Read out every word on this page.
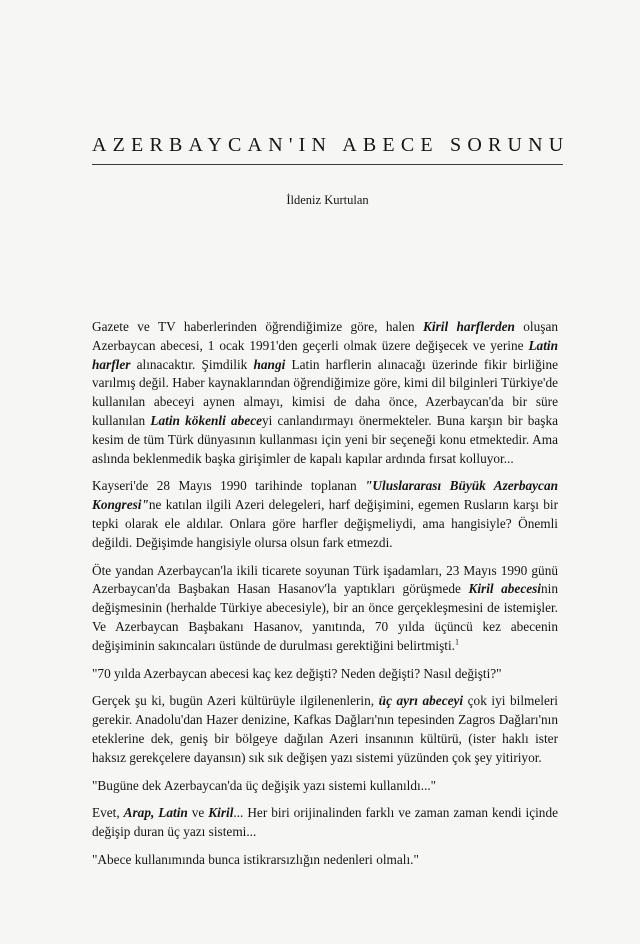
AZERBAYCAN'IN ABECE SORUNU
İldeniz Kurtulan

Gazete ve TV haberlerinden öğrendiğimize göre, halen Kiril harflerden oluşan Azerbaycan abecesi, 1 ocak 1991'den geçerli olmak üzere değişecek ve yerine Latin harfler alınacaktır. Şimdilik hangi Latin harflerin alınacağı üzerinde fikir birliğine varılmış değil. Haber kaynaklarından öğrendiğimize göre, kimi dil bilginleri Türkiye'de kullanılan abeceyi aynen almayı, kimisi de daha önce, Azerbaycan'da bir süre kullanılan Latin kökenli abeceyi canlandırmayı önermekteler. Buna karşın bir başka kesim de tüm Türk dünyasının kullanması için yeni bir seçeneği konu etmektedir. Ama aslında beklenmedik başka girişimler de kapalı kapılar ardında fırsat kolluyor...

Kayseri'de 28 Mayıs 1990 tarihinde toplanan "Uluslararası Büyük Azerbaycan Kongresi"ne katılan ilgili Azeri delegeleri, harf değişimini, egemen Rusların karşı bir tepki olarak ele aldılar. Onlara göre harfler değişmeliydi, ama hangisiyle? Önemli değildi. Değişimde hangisiyle olursa olsun fark etmezdi.

Öte yandan Azerbaycan'la ikili ticarete soyunan Türk işadamları, 23 Mayıs 1990 günü Azerbaycan'da Başbakan Hasan Hasanov'la yaptıkları görüşmede Kiril abecesinin değişmesinin (herhalde Türkiye abecesiyle), bir an önce gerçekleşmesini de istemişler. Ve Azerbaycan Başbakanı Hasanov, yanıtında, 70 yılda üçüncü kez abecenin değişiminin sakıncaları üstünde de durulması gerektiğini belirtmişti.$^1$

"70 yılda Azerbaycan abecesi kaç kez değişti? Neden değişti? Nasıl değişti?"

Gerçek şu ki, bugün Azeri kültürüyle ilgilenenlerin, üç ayrı abeceyi çok iyi bilmeleri gerekir. Anadolu'dan Hazer denizine, Kafkas Dağları'nın tepesinden Zagros Dağları'nın eteklerine dek, geniş bir bölgeye dağılan Azeri insanının kültürü, (ister haklı ister haksız gerekçelere dayansın) sık sık değişen yazı sistemi yüzünden çok şey yitiriyor.

"Bugüne dek Azerbaycan'da üç değişik yazı sistemi kullanıldı..."

Evet, Arap, Latin ve Kiril... Her biri orijinalinden farklı ve zaman zaman kendi içinde değişip duran üç yazı sistemi...

"Abece kullanımında bunca istikrarsızlığın nedenleri olmalı."
